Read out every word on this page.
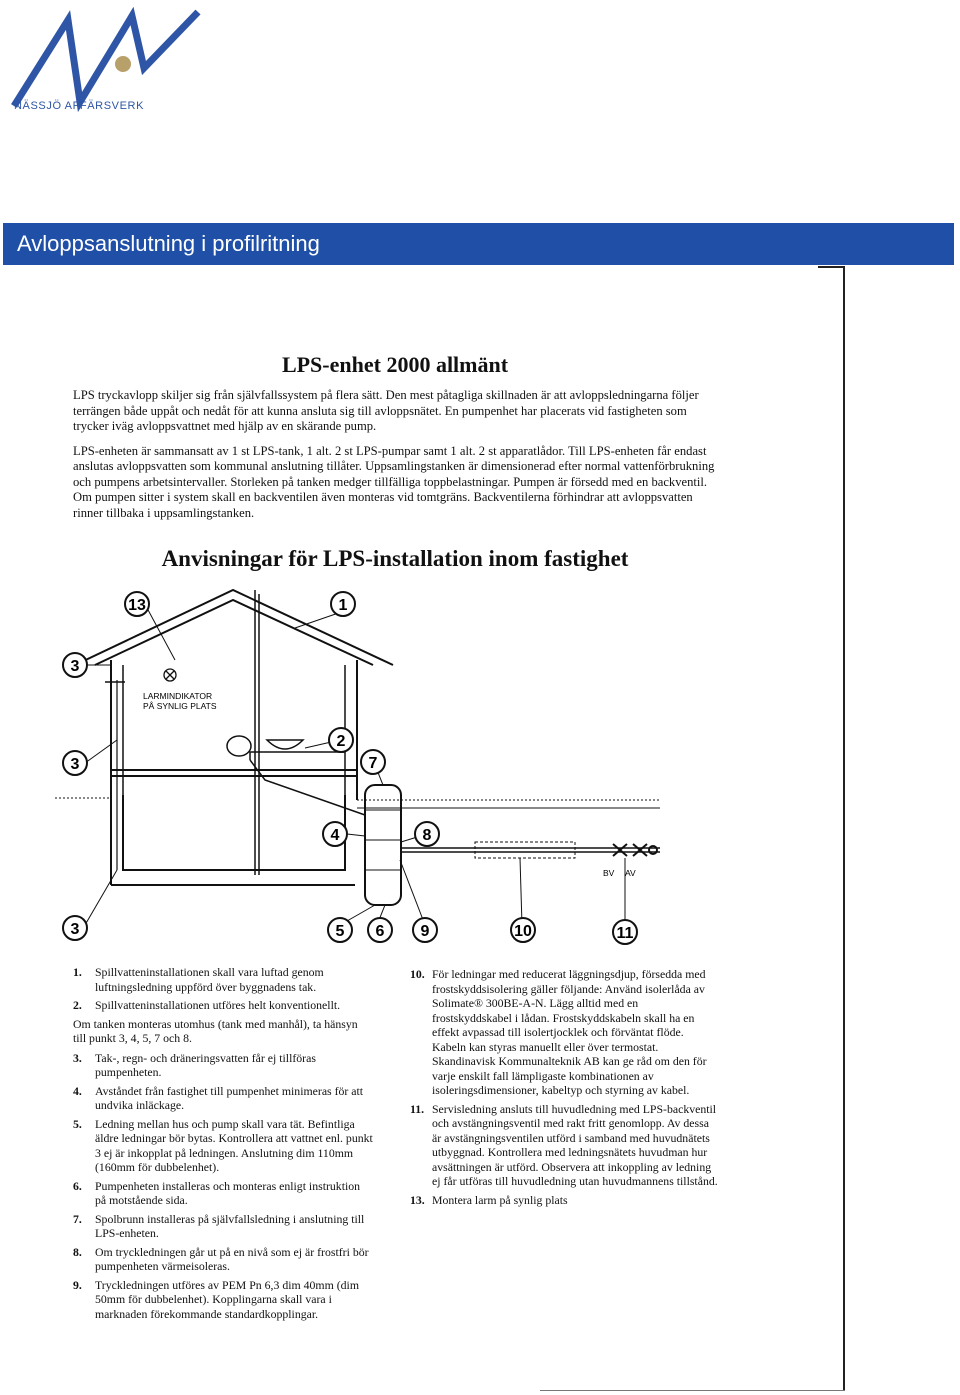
NÄSSJÖ AFFÄRSVERK
Avloppsanslutning i profilritning
LPS-enhet 2000 allmänt

LPS tryckavlopp skiljer sig från självfallssystem på flera sätt. Den mest påtagliga skillnaden är att avloppsledningarna följer terrängen både uppåt och nedåt för att kunna ansluta sig till avloppsnätet. En pumpenhet har placerats vid fastigheten som trycker iväg avloppsvattnet med hjälp av en skärande pump.

LPS-enheten är sammansatt av 1 st LPS-tank, 1 alt. 2 st LPS-pumpar samt 1 alt. 2 st apparatlådor. Till LPS-enheten får endast anslutas avloppsvatten som kommunal anslutning tillåter. Uppsamlingstanken är dimensionerad efter normal vattenförbrukning och pumpens arbetsintervaller. Storleken på tanken medger tillfälliga toppbelastningar. Pumpen är försedd med en backventil. Om pumpen sitter i system skall en backventilen även monteras vid tomtgräns. Backventilerna förhindrar att avloppsvatten rinner tillbaka i uppsamlingstanken.

Anvisningar för LPS-installation inom fastighet
LARMINDIKATOR
PÅ SYNLIG PLATS
BV AV
13	1
3
3
2
7
4	8
3	5 6 9	10	11
1.	Spillvatteninstallationen skall vara luftad genom luftningsledning uppförd över byggnadens tak.
2.	Spillvatteninstallationen utföres helt konventionellt.
Om tanken monteras utomhus (tank med manhål), ta hänsyn till punkt 3, 4, 5, 7 och 8.
3.	Tak-, regn- och dräneringsvatten får ej tillföras pumpenheten.
4.	Avståndet från fastighet till pumpenhet minimeras för att undvika inläckage.
5.	Ledning mellan hus och pump skall vara tät. Befintliga äldre ledningar bör bytas. Kontrollera att vattnet enl. punkt 3 ej är inkopplat på ledningen. Anslutning dim 110mm (160mm för dubbelenhet).
6.	Pumpenheten installeras och monteras enligt instruktion på motstående sida.
7.	Spolbrunn installeras på självfallsledning i anslutning till LPS-enheten.
8.	Om tryckledningen går ut på en nivå som ej är frostfri bör pumpenheten värmeisoleras.
9.	Tryckledningen utföres av PEM Pn 6,3 dim 40mm (dim 50mm för dubbelenhet). Kopplingarna skall vara i marknaden förekommande standardkopplingar.
10. För ledningar med reducerat läggningsdjup, försedda med frostskyddsisolering gäller följande: Använd isolerlåda av Solimate® 300BE-A-N. Lägg alltid med en frostskyddskabel i lådan. Frostskyddskabeln skall ha en effekt avpassad till isolertjocklek och förväntat flöde. Kabeln kan styras manuellt eller över termostat. Skandinavisk Kommunalteknik AB kan ge råd om den för varje enskilt fall lämpligaste kombinationen av isoleringsdimensioner, kabeltyp och styrning av kabel.
11. Servisledning ansluts till huvudledning med LPS-backventil och avstängningsventil med rakt fritt genomlopp. Av dessa är avstängningsventilen utförd i samband med huvudnätets utbyggnad. Kontrollera med ledningsnätets huvudman hur avsättningen är utförd. Observera att inkoppling av ledning ej får utföras till huvudledning utan huvudmannens tillstånd.
13. Montera larm på synlig plats
